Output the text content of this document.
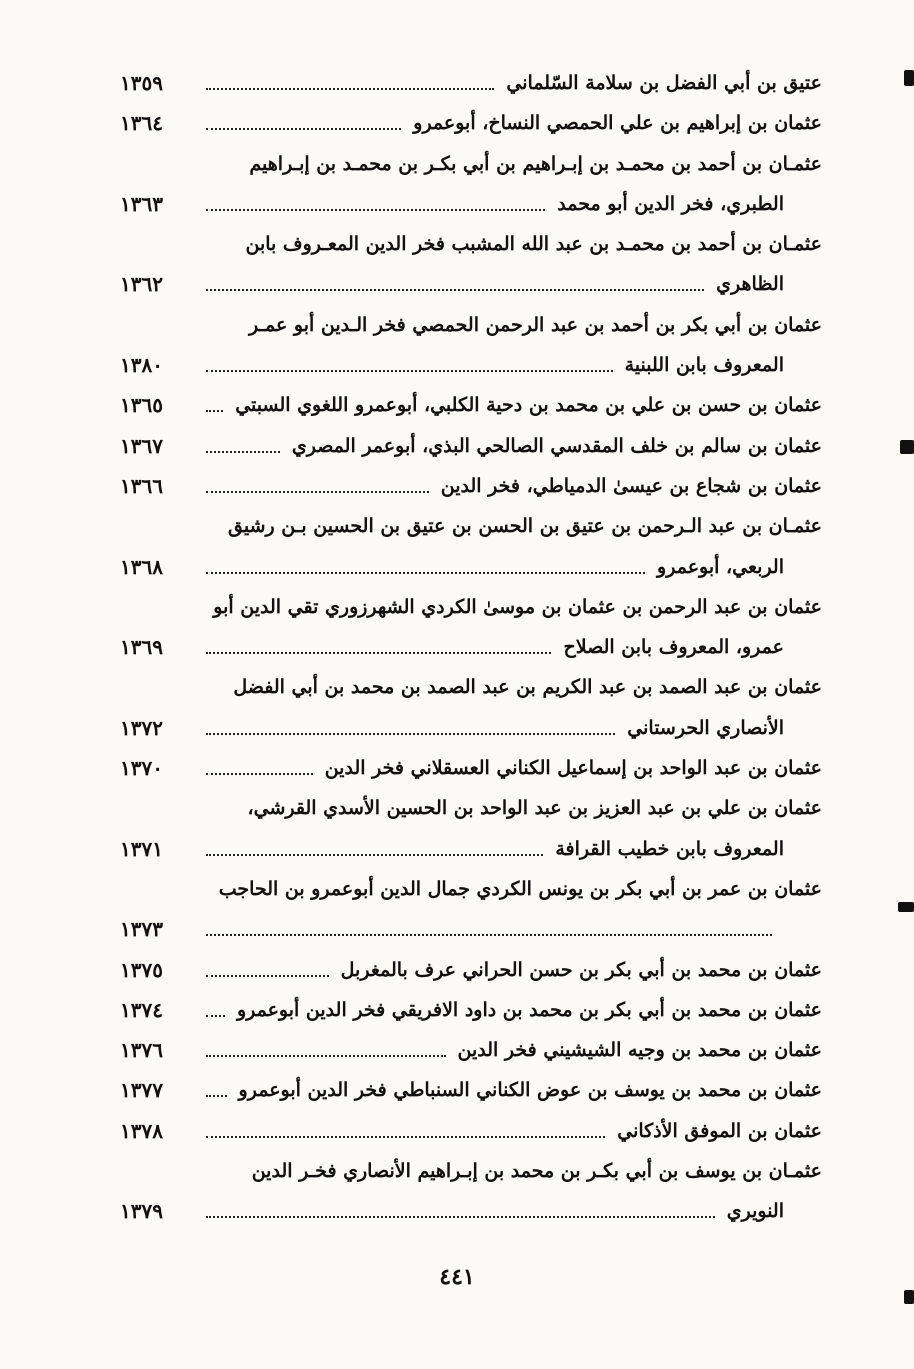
عتيق بن أبي الفضل بن سلامة السّلماني
١٣٥٩
عثمان بن إبراهيم بن علي الحمصي النساخ، أبوعمرو
١٣٦٤
عثمـان بن أحمد بن محمـد بن إبـراهيم بن أبي بكـر بن محمـد بن إبـراهيم
الطبري، فخر الدين أبو محمد
١٣٦٣
عثمـان بن أحمد بن محمـد بن عبد الله المشبب فخر الدين المعـروف بابن
الظاهري
١٣٦٢
عثمان بن أبي بكر بن أحمد بن عبد الرحمن الحمصي فخر الـدين أبو عمـر
المعروف بابن اللبنية
١٣٨٠
عثمان بن حسن بن علي بن محمد بن دحية الكلبي، أبوعمرو اللغوي السبتي
١٣٦٥
عثمان بن سالم بن خلف المقدسي الصالحي البذي، أبوعمر المصري
١٣٦٧
عثمان بن شجاع بن عيسىٰ الدمياطي، فخر الدين
١٣٦٦
عثمـان بن عبد الـرحمن بن عتيق بن الحسن بن عتيق بن الحسين بـن رشيق
الربعي، أبوعمرو
١٣٦٨
عثمان بن عبد الرحمن بن عثمان بن موسىٰ الكردي الشهرزوري تقي الدين أبو
عمرو، المعروف بابن الصلاح
١٣٦٩
عثمان بن عبد الصمد بن عبد الكريم بن عبد الصمد بن محمد بن أبي الفضل
الأنصاري الحرستاني
١٣٧٢
عثمان بن عبد الواحد بن إسماعيل الكناني العسقلاني فخر الدين
١٣٧٠
عثمان بن علي بن عبد العزيز بن عبد الواحد بن الحسين الأسدي القرشي،
المعروف بابن خطيب القرافة
١٣٧١
عثمان بن عمر بن أبي بكر بن يونس الكردي جمال الدين أبوعمرو بن الحاجب
١٣٧٣
عثمان بن محمد بن أبي بكر بن حسن الحراني عرف بالمغربل
١٣٧٥
عثمان بن محمد بن أبي بكر بن محمد بن داود الافريقي فخر الدين أبوعمرو
١٣٧٤
عثمان بن محمد بن وجيه الشيشيني فخر الدين
١٣٧٦
عثمان بن محمد بن يوسف بن عوض الكناني السنباطي فخر الدين أبوعمرو
١٣٧٧
عثمان بن الموفق الأذكاني
١٣٧٨
عثمـان بن يوسف بن أبي بكـر بن محمد بن إبـراهيم الأنصاري فخـر الدين
النويري
١٣٧٩
٤٤١
